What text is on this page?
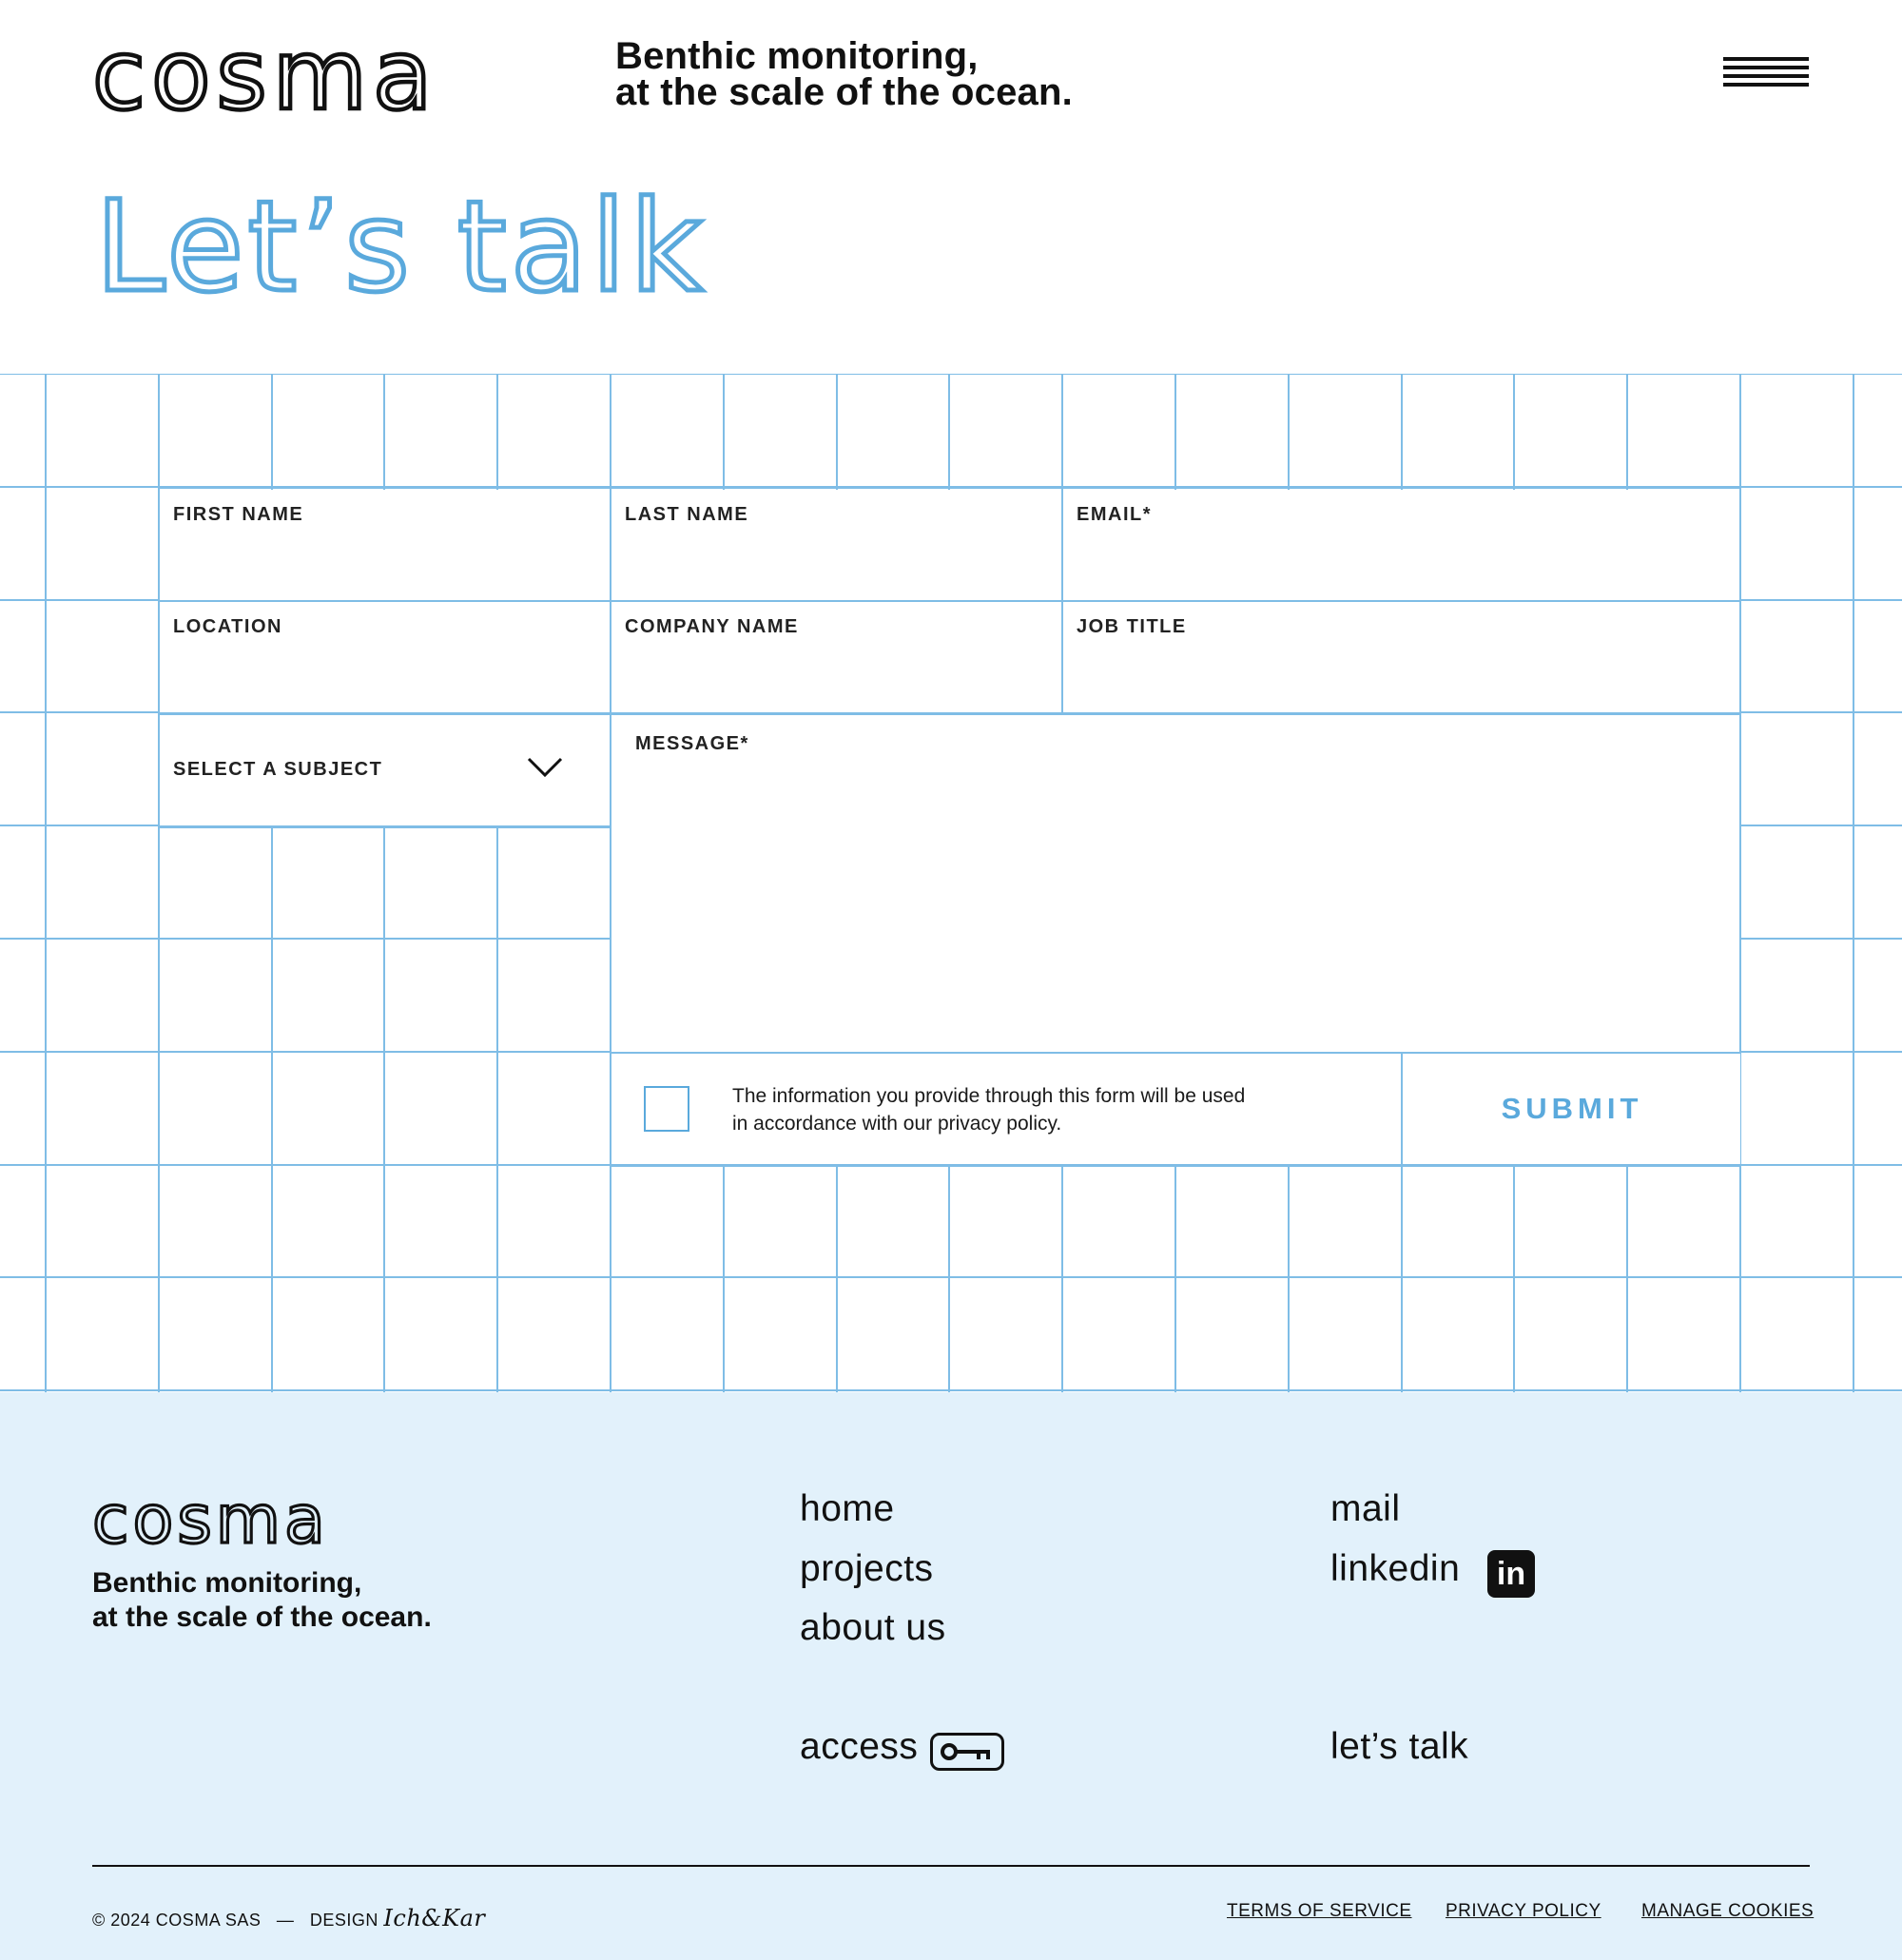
cosma	Benthic monitoring,
at the scale of the ocean.
Let’s talk
FIRST NAME	LAST NAME	EMAIL*
LOCATION	COMPANY NAME	JOB TITLE
SELECT A SUBJECT
MESSAGE*
The information you provide through this form will be used
in accordance with our privacy policy.	SUBMIT
cosma
Benthic monitoring,
at the scale of the ocean.
home
projects
about us
access
mail
linkedin in
let’s talk
© 2024 COSMA SAS   —   DESIGN Ich&Kar	TERMS OF SERVICE PRIVACY POLICY MANAGE COOKIES
